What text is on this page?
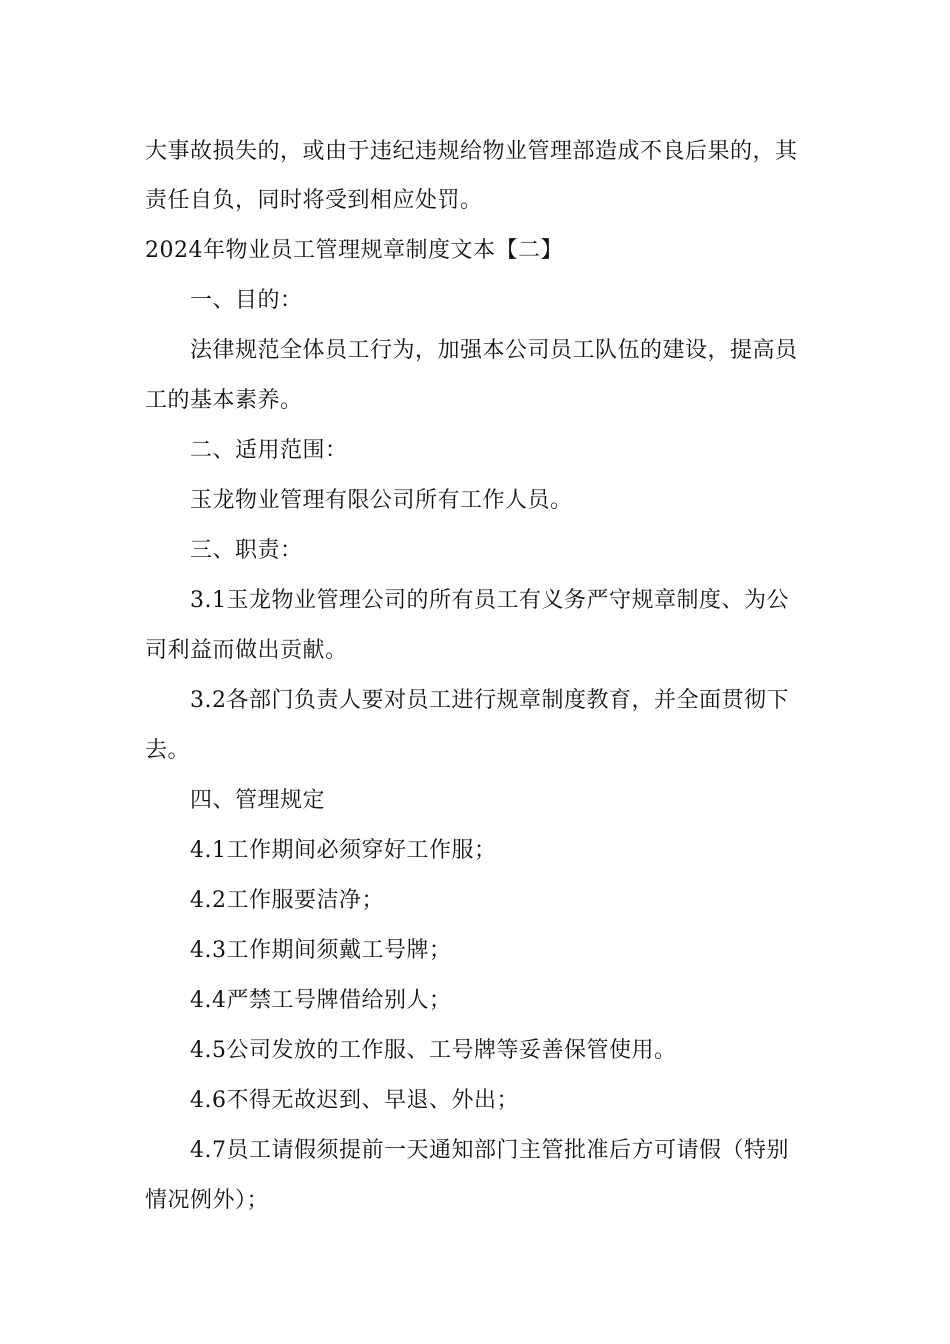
大事故损失的，或由于违纪违规给物业管理部造成不良后果的，其
责任自负，同时将受到相应处罚。
2024年物业员工管理规章制度文本【二】
一、目的：
法律规范全体员工行为，加强本公司员工队伍的建设，提高员
工的基本素养。
二、适用范围：
玉龙物业管理有限公司所有工作人员。
三、职责：
3.1玉龙物业管理公司的所有员工有义务严守规章制度、为公
司利益而做出贡献。
3.2各部门负责人要对员工进行规章制度教育，并全面贯彻下
去。
四、管理规定
4.1工作期间必须穿好工作服；
4.2工作服要洁净；
4.3工作期间须戴工号牌；
4.4严禁工号牌借给别人；
4.5公司发放的工作服、工号牌等妥善保管使用。
4.6不得无故迟到、早退、外出；
4.7员工请假须提前一天通知部门主管批准后方可请假（特别
情况例外）；
